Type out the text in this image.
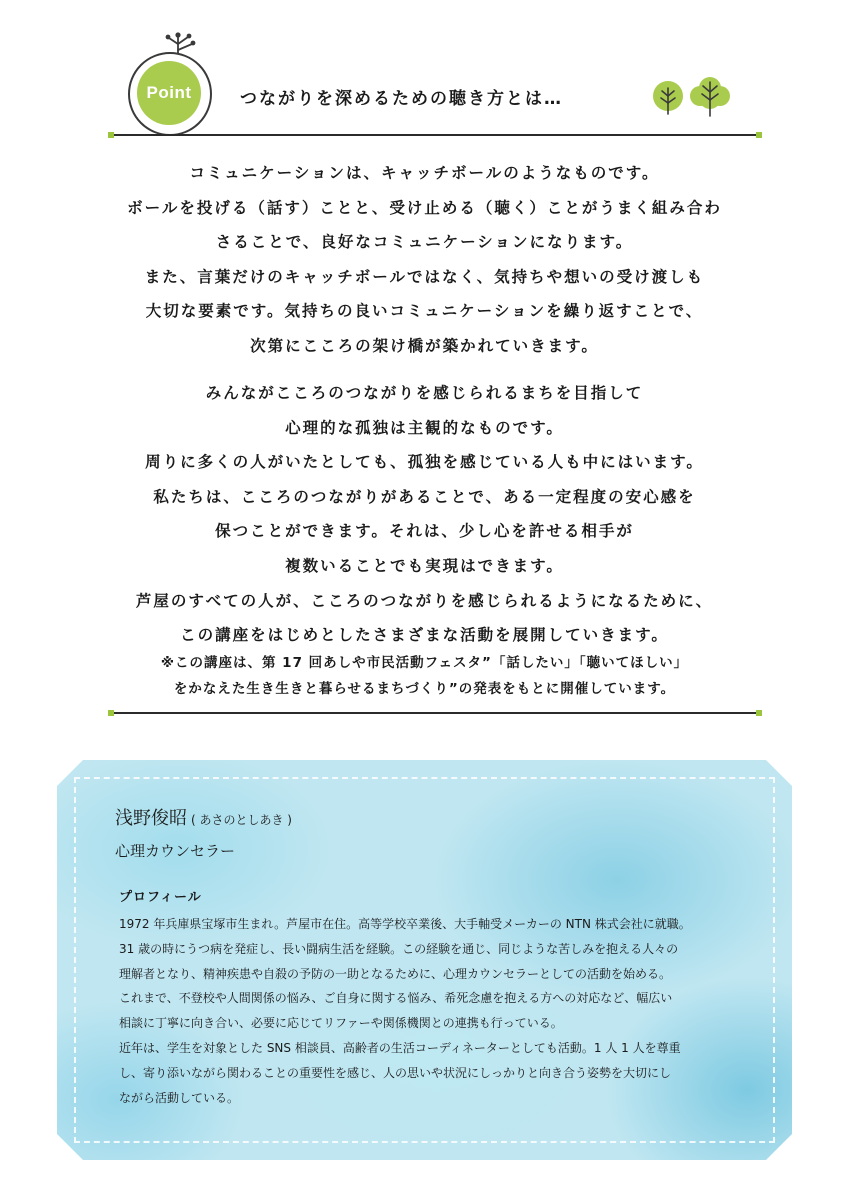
Point	つながりを深めるための聴き方とは…
コミュニケーションは、キャッチボールのようなものです。
ボールを投げる（話す）ことと、受け止める（聴く）ことがうまく組み合わ
さることで、良好なコミュニケーションになります。
また、言葉だけのキャッチボールではなく、気持ちや想いの受け渡しも
大切な要素です。気持ちの良いコミュニケーションを繰り返すことで、
次第にこころの架け橋が築かれていきます。
みんながこころのつながりを感じられるまちを目指して
心理的な孤独は主観的なものです。
周りに多くの人がいたとしても、孤独を感じている人も中にはいます。
私たちは、こころのつながりがあることで、ある一定程度の安心感を
保つことができます。それは、少し心を許せる相手が
複数いることでも実現はできます。
芦屋のすべての人が、こころのつながりを感じられるようになるために、
この講座をはじめとしたさまざまな活動を展開していきます。
※この講座は、第 17 回あしや市民活動フェスタ”「話したい」「聴いてほしい」
をかなえた生き生きと暮らせるまちづくり”の発表をもとに開催しています。
浅野俊昭 ( あさのとしあき )
心理カウンセラー
プロフィール
1972 年兵庫県宝塚市生まれ。芦屋市在住。高等学校卒業後、大手軸受メーカーの NTN 株式会社に就職。
31 歳の時にうつ病を発症し、長い闘病生活を経験。この経験を通じ、同じような苦しみを抱える人々の
理解者となり、精神疾患や自殺の予防の一助となるために、心理カウンセラーとしての活動を始める。
これまで、不登校や人間関係の悩み、ご自身に関する悩み、希死念慮を抱える方への対応など、幅広い
相談に丁寧に向き合い、必要に応じてリファーや関係機関との連携も行っている。
近年は、学生を対象とした SNS 相談員、高齢者の生活コーディネーターとしても活動。1 人 1 人を尊重
し、寄り添いながら関わることの重要性を感じ、人の思いや状況にしっかりと向き合う姿勢を大切にし
ながら活動している。
